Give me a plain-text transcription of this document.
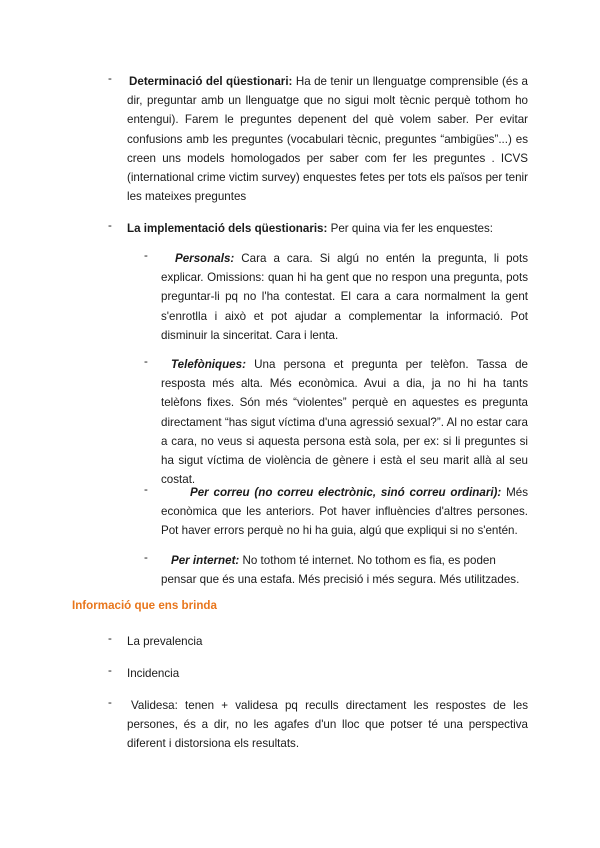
-	Determinació del qüestionari: Ha de tenir un llenguatge comprensible (és a dir, preguntar amb un llenguatge que no sigui molt tècnic perquè tothom ho entengui). Farem le preguntes depenent del què volem saber. Per evitar confusions amb les preguntes (vocabulari tècnic, preguntes “ambigües”...) es creen uns models homologados per saber com fer les preguntes . ICVS (international crime victim survey) enquestes fetes per tots els països per tenir les mateixes preguntes
-	La implementació dels qüestionaris: Per quina via fer les enquestes:
-	Personals: Cara a cara. Si algú no entén la pregunta, li pots explicar. Omissions: quan hi ha gent que no respon una pregunta, pots preguntar-li pq no l'ha contestat. El cara a cara normalment la gent s'enrotlla i això et pot ajudar a complementar la informació. Pot disminuir la sinceritat. Cara i lenta.
-	Telefòniques: Una persona et pregunta per telèfon. Tassa de resposta més alta. Més econòmica. Avui a dia, ja no hi ha tants telèfons fixes. Són més “violentes” perquè en aquestes es pregunta directament “has sigut víctima d'una agressió sexual?”. Al no estar cara a cara, no veus si aquesta persona està sola, per ex: si li preguntes si ha sigut víctima de violència de gènere i està el seu marit allà al seu costat.
-	Per correu (no correu electrònic, sinó correu ordinari): Més econòmica que les anteriors. Pot haver influències d'altres persones. Pot haver errors perquè no hi ha guia, algú que expliqui si no s'entén.
-	Per internet: No tothom té internet. No tothom es fia, es poden pensar que és una estafa. Més precisió i més segura. Més utilitzades.
Informació que ens brinda
-	La prevalencia
-	Incidencia
-	Validesa: tenen + validesa pq reculls directament les respostes de les persones, és a dir, no les agafes d'un lloc que potser té una perspectiva diferent i distorsiona els resultats.
